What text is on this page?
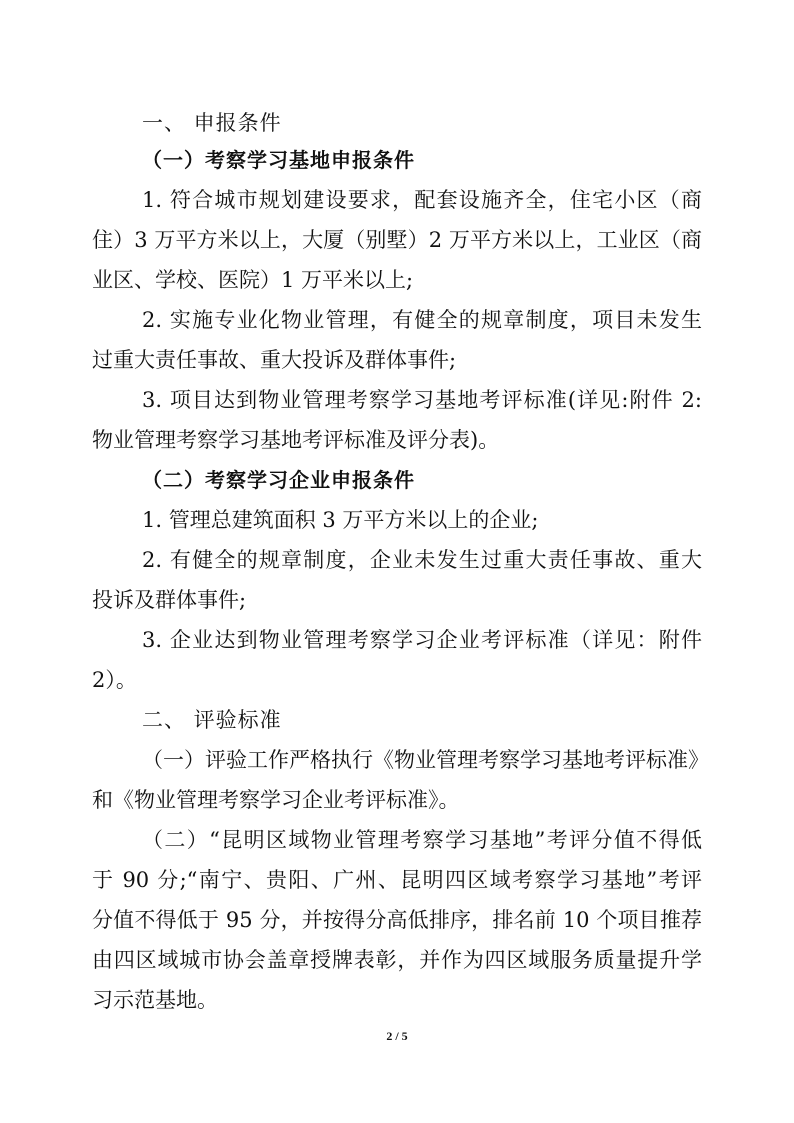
一、 申报条件
（一）考察学习基地申报条件
1. 符合城市规划建设要求，配套设施齐全，住宅小区（商
住）3 万平方米以上，大厦（别墅）2 万平方米以上，工业区（商
业区、学校、医院）1 万平米以上;
2. 实施专业化物业管理，有健全的规章制度，项目未发生
过重大责任事故、重大投诉及群体事件;
3. 项目达到物业管理考察学习基地考评标准(详见:附件 2:
物业管理考察学习基地考评标准及评分表)。
（二）考察学习企业申报条件
1. 管理总建筑面积 3 万平方米以上的企业;
2. 有健全的规章制度，企业未发生过重大责任事故、重大
投诉及群体事件;
3. 企业达到物业管理考察学习企业考评标准（详见：附件
2）。
二、 评验标准
（一）评验工作严格执行《物业管理考察学习基地考评标准》
和《物业管理考察学习企业考评标准》。
（二）“昆明区域物业管理考察学习基地”考评分值不得低
于 90 分;“南宁、贵阳、广州、昆明四区域考察学习基地”考评
分值不得低于 95 分，并按得分高低排序，排名前 10 个项目推荐
由四区域城市协会盖章授牌表彰，并作为四区域服务质量提升学
习示范基地。
2 / 5
